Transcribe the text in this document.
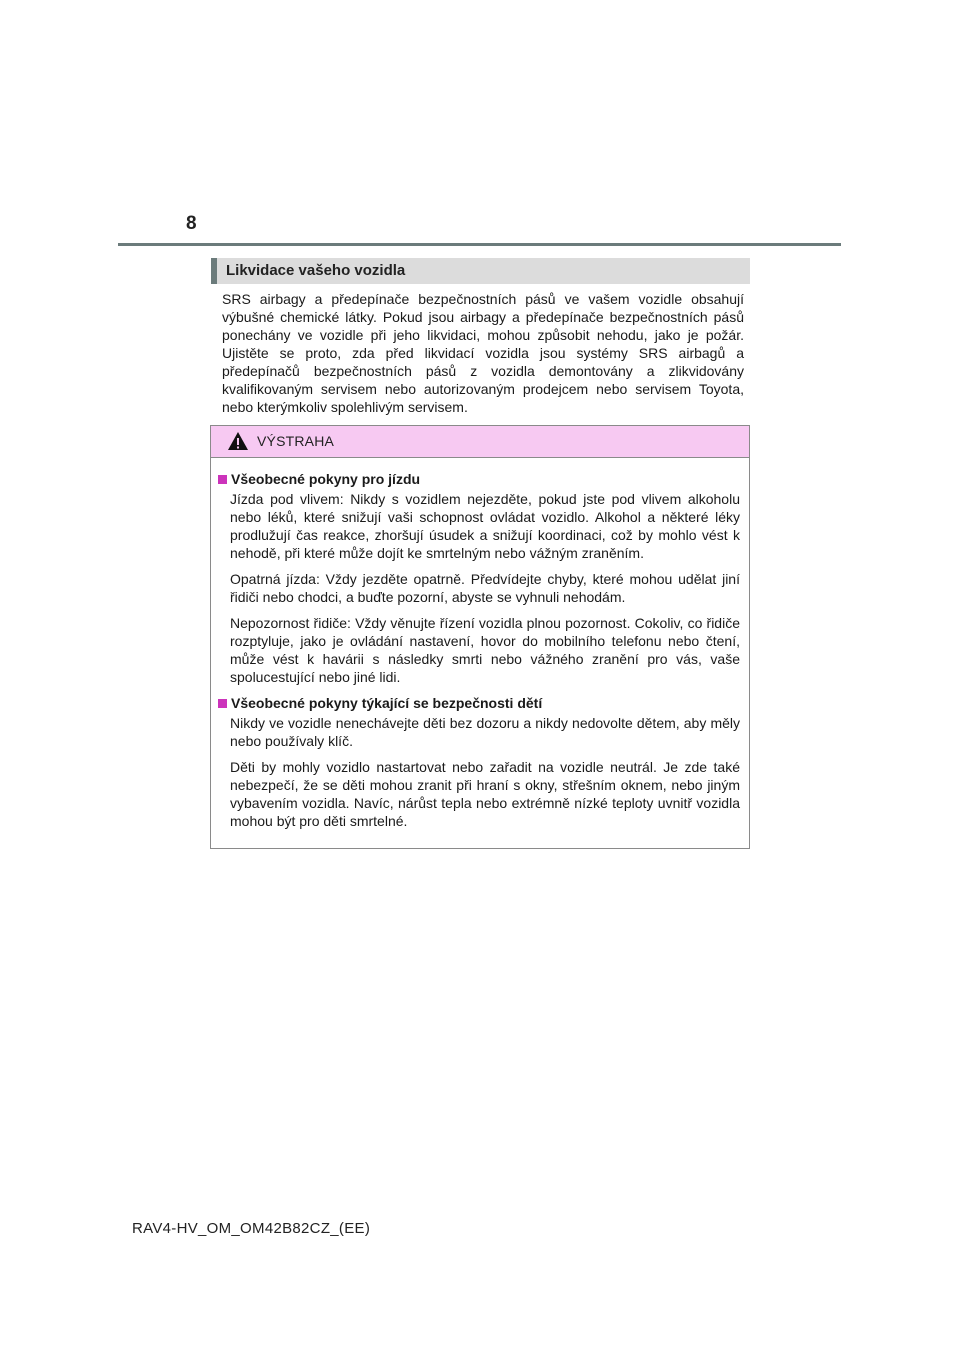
8
Likvidace vašeho vozidla

SRS airbagy a předepínače bezpečnostních pásů ve vašem vozidle obsahují výbušné chemické látky. Pokud jsou airbagy a předepínače bezpečnostních pásů ponechány ve vozidle při jeho likvidaci, mohou způsobit nehodu, jako je požár. Ujistěte se proto, zda před likvidací vozidla jsou systémy SRS airbagů a předepínačů bezpečnostních pásů z vozidla demontovány a zlikvidovány kvalifikovaným servisem nebo autorizovaným prodejcem nebo servisem Toyota, nebo kterýmkoliv spolehlivým servisem.

VÝSTRAHA
Všeobecné pokyny pro jízdu

Jízda pod vlivem: Nikdy s vozidlem nejezděte, pokud jste pod vlivem alkoholu nebo léků, které snižují vaši schopnost ovládat vozidlo. Alkohol a některé léky prodlužují čas reakce, zhoršují úsudek a snižují koordinaci, což by mohlo vést k nehodě, při které může dojít ke smrtelným nebo vážným zraněním.

Opatrná jízda: Vždy jezděte opatrně. Předvídejte chyby, které mohou udělat jiní řidiči nebo chodci, a buďte pozorní, abyste se vyhnuli nehodám.

Nepozornost řidiče: Vždy věnujte řízení vozidla plnou pozornost. Cokoliv, co řidiče rozptyluje, jako je ovládání nastavení, hovor do mobilního telefonu nebo čtení, může vést k havárii s následky smrti nebo vážného zranění pro vás, vaše spolucestující nebo jiné lidi.

Všeobecné pokyny týkající se bezpečnosti dětí

Nikdy ve vozidle nenechávejte děti bez dozoru a nikdy nedovolte dětem, aby měly nebo používaly klíč.

Děti by mohly vozidlo nastartovat nebo zařadit na vozidle neutrál. Je zde také nebezpečí, že se děti mohou zranit při hraní s okny, střešním oknem, nebo jiným vybavením vozidla. Navíc, nárůst tepla nebo extrémně nízké teploty uvnitř vozidla mohou být pro děti smrtelné.

RAV4-HV_OM_OM42B82CZ_(EE)
